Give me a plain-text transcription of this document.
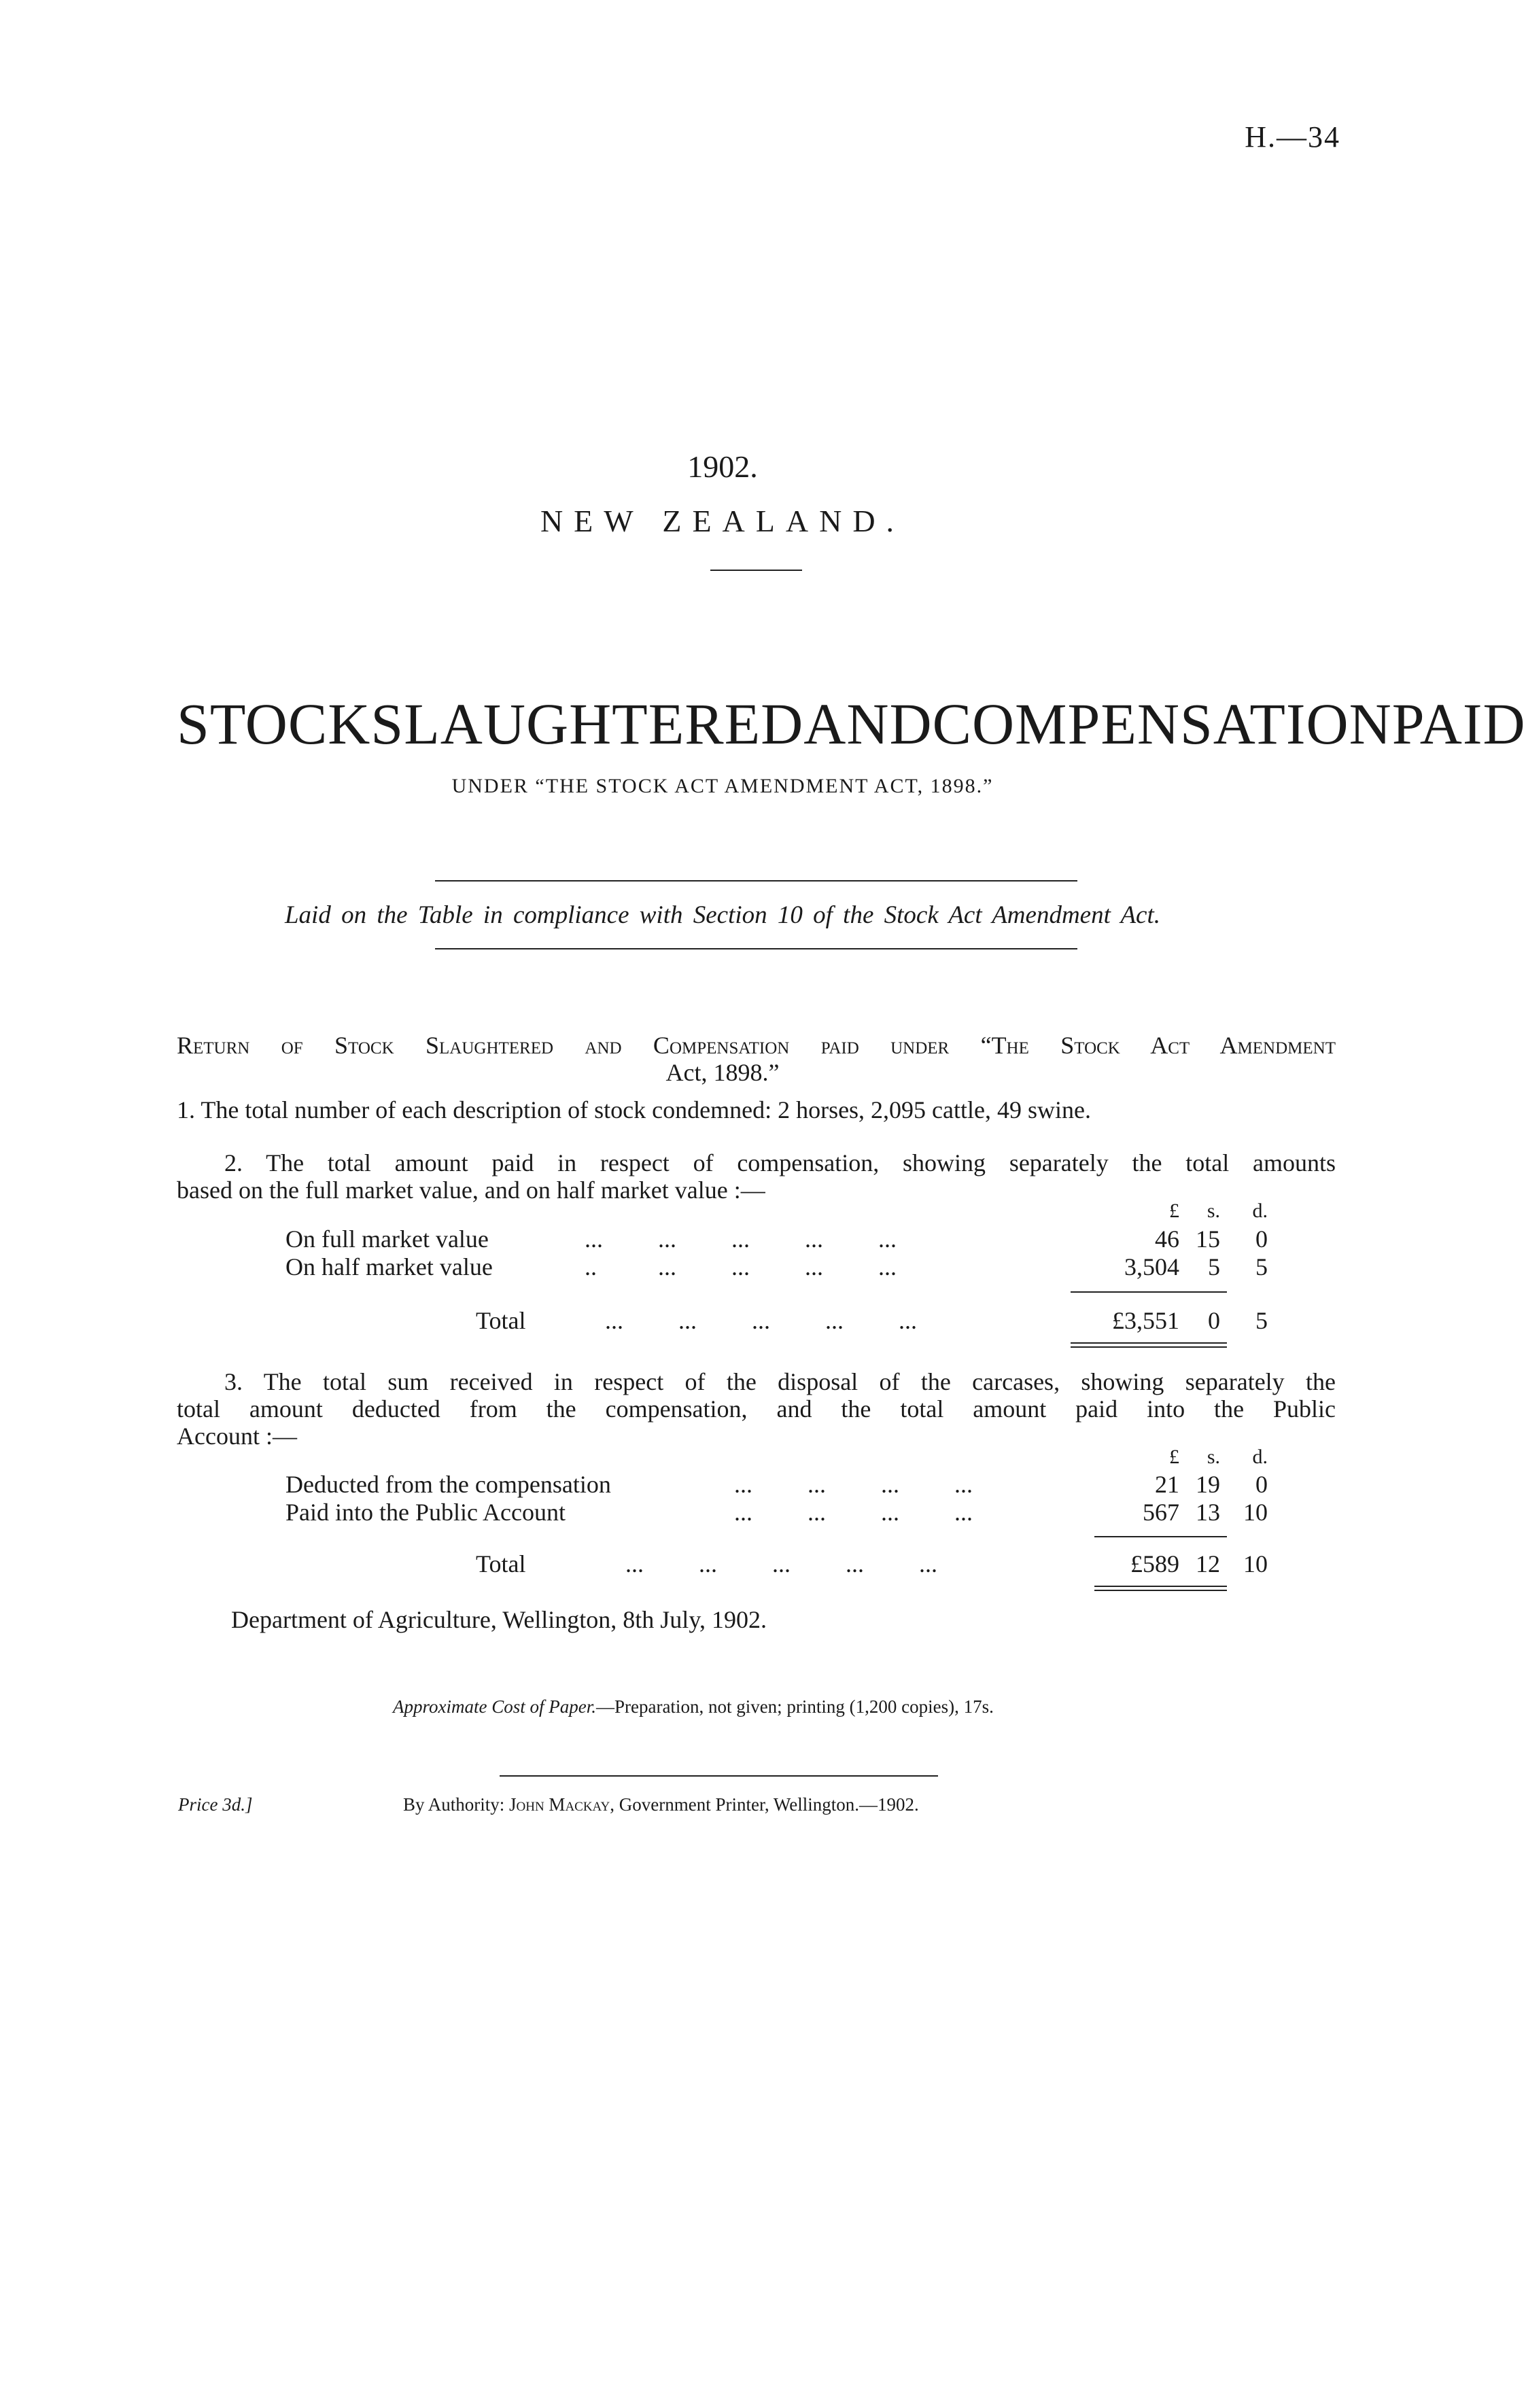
H.—34
1902.
NEW ZEALAND.
STOCK SLAUGHTERED AND COMPENSATION PAID
UNDER “THE STOCK ACT AMENDMENT ACT, 1898.”
Laid on the Table in compliance with Section 10 of the Stock Act Amendment Act.
Return of Stock Slaughtered and Compensation paid under “The Stock Act Amendment
Act, 1898.”
1. The total number of each description of stock condemned: 2 horses, 2,095 cattle, 49 swine.
2. The total amount paid in respect of compensation, showing separately the total amounts
based on the full market value, and on half market value :—
£	s.	d.
On full market value	...         ...         ...         ...         ...	46 15	0
On half market value	..          ...         ...         ...         ...	3,504	5	5
Total	...         ...         ...         ...         ...	£3,551	0	5
3. The total sum received in respect of the disposal of the carcases, showing separately the
total amount deducted from the compensation, and the total amount paid into the Public
Account :—
£	s.	d.
Deducted from the compensation	...         ...         ...         ...	21 19	0
Paid into the Public Account	...         ...         ...         ...	567 13 10
Total	...         ...         ...         ...         ...	£589 12 10
Department of Agriculture, Wellington, 8th July, 1902.
Approximate Cost of Paper.—Preparation, not given; printing (1,200 copies), 17s.
Price 3d.]	By Authority: John Mackay, Government Printer, Wellington.—1902.
